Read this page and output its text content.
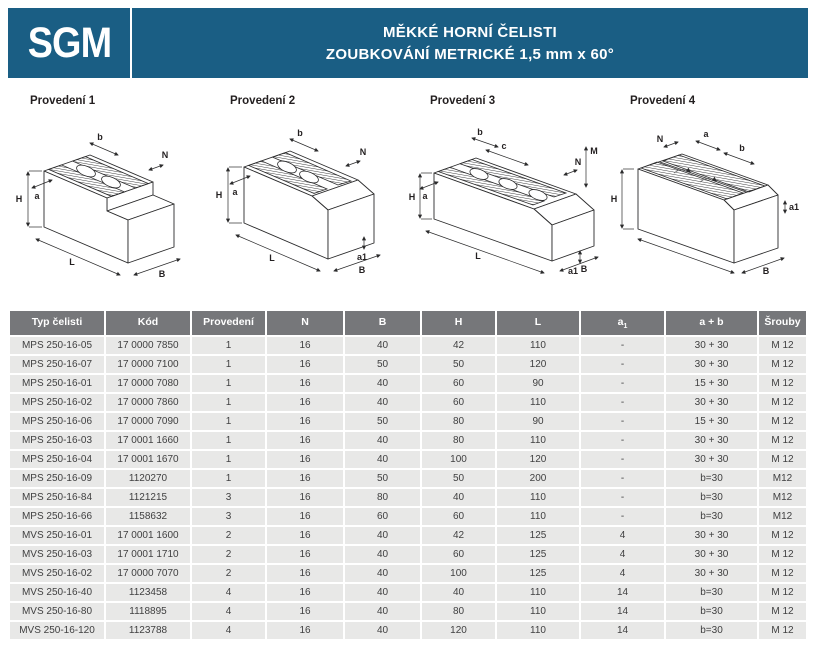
SGM	MĚKKÉ HORNÍ ČELISTI
ZOUBKOVÁNÍ METRICKÉ 1,5 mm x 60°
Provedení 1
H a
b
N
L
B
Provedení 2
H a
b
N
L	a1
B
Provedení 3
b
c	M
N
a
H
L
a1 B
Provedení 4
N	a
b
H
a1
B
Typ čelisti	Kód	Provedení	N	B	H	L	$a_1$	a + b	Šrouby
MPS 250-16-05	17 0000 7850	1	16	40	42	110	-	30 + 30	M 12
MPS 250-16-07	17 0000 7100	1	16	50	50	120	-	30 + 30	M 12
MPS 250-16-01	17 0000 7080	1	16	40	60	90	-	15 + 30	M 12
MPS 250-16-02	17 0000 7860	1	16	40	60	110	-	30 + 30	M 12
MPS 250-16-06	17 0000 7090	1	16	50	80	90	-	15 + 30	M 12
MPS 250-16-03	17 0001 1660	1	16	40	80	110	-	30 + 30	M 12
MPS 250-16-04	17 0001 1670	1	16	40	100	120	-	30 + 30	M 12
MPS 250-16-09	1120270	1	16	50	50	200	-	b=30	M12
MPS 250-16-84	1121215	3	16	80	40	110	-	b=30	M12
MPS 250-16-66	1158632	3	16	60	60	110	-	b=30	M12
MVS 250-16-01	17 0001 1600	2	16	40	42	125	4	30 + 30	M 12
MVS 250-16-03	17 0001 1710	2	16	40	60	125	4	30 + 30	M 12
MVS 250-16-02	17 0000 7070	2	16	40	100	125	4	30 + 30	M 12
MVS 250-16-40	1123458	4	16	40	40	110	14	b=30	M 12
MVS 250-16-80	1118895	4	16	40	80	110	14	b=30	M 12
MVS 250-16-120	1123788	4	16	40	120	110	14	b=30	M 12
